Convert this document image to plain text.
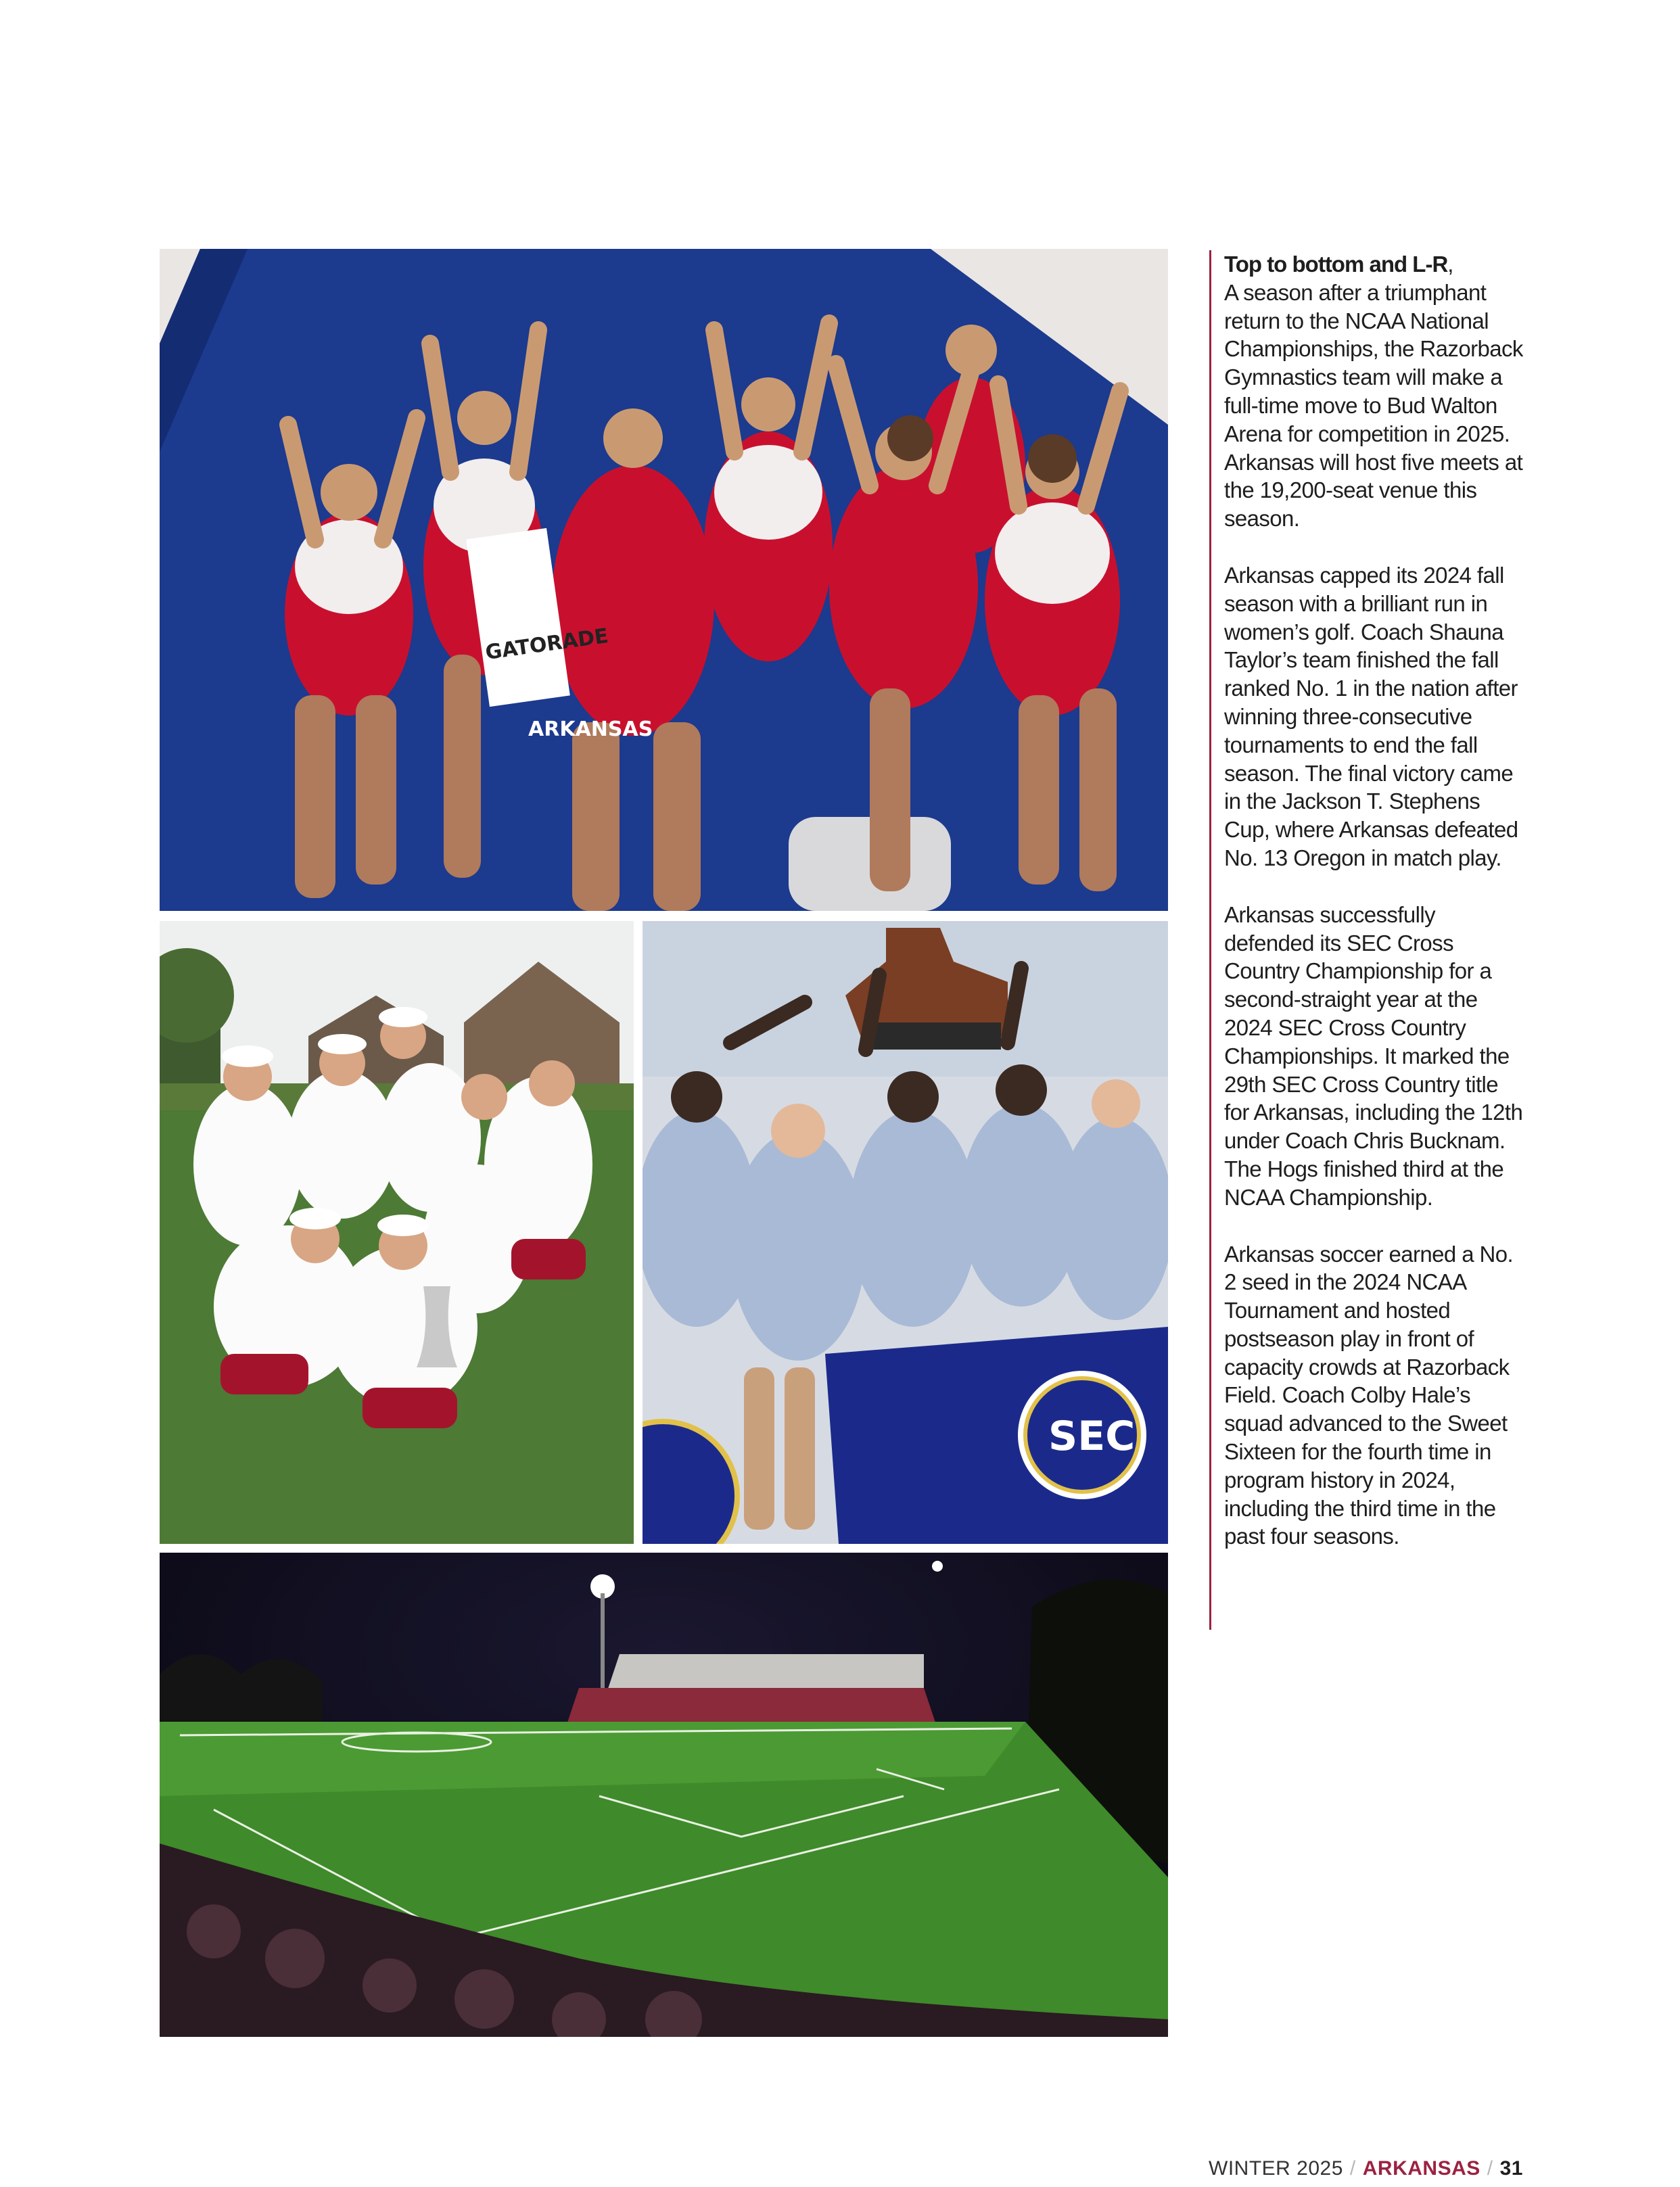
GATORADE
ARKANSAS
SEC

Top to bottom and L-R,
A season after a triumphant return to the NCAA National Championships, the Razorback Gymnastics team will make a full-time move to Bud Walton Arena for competition in 2025. Arkansas will host five meets at the 19,200-seat venue this season.

Arkansas capped its 2024 fall season with a brilliant run in women’s golf. Coach Shauna Taylor’s team finished the fall ranked No. 1 in the nation after winning three-consecutive tournaments to end the fall season. The final victory came in the Jackson T. Stephens Cup, where Arkansas defeated No. 13 Oregon in match play.

Arkansas successfully defended its SEC Cross Country Championship for a second-straight year at the 2024 SEC Cross Country Championships. It marked the 29th SEC Cross Country title for Arkansas, including the 12th under Coach Chris Bucknam. The Hogs finished third at the NCAA Championship.

Arkansas soccer earned a No. 2 seed in the 2024 NCAA Tournament and hosted postseason play in front of capacity crowds at Razorback Field. Coach Colby Hale’s squad advanced to the Sweet Sixteen for the fourth time in program history in 2024, including the third time in the past four seasons.

WINTER 2025 / ARKANSAS / 31
